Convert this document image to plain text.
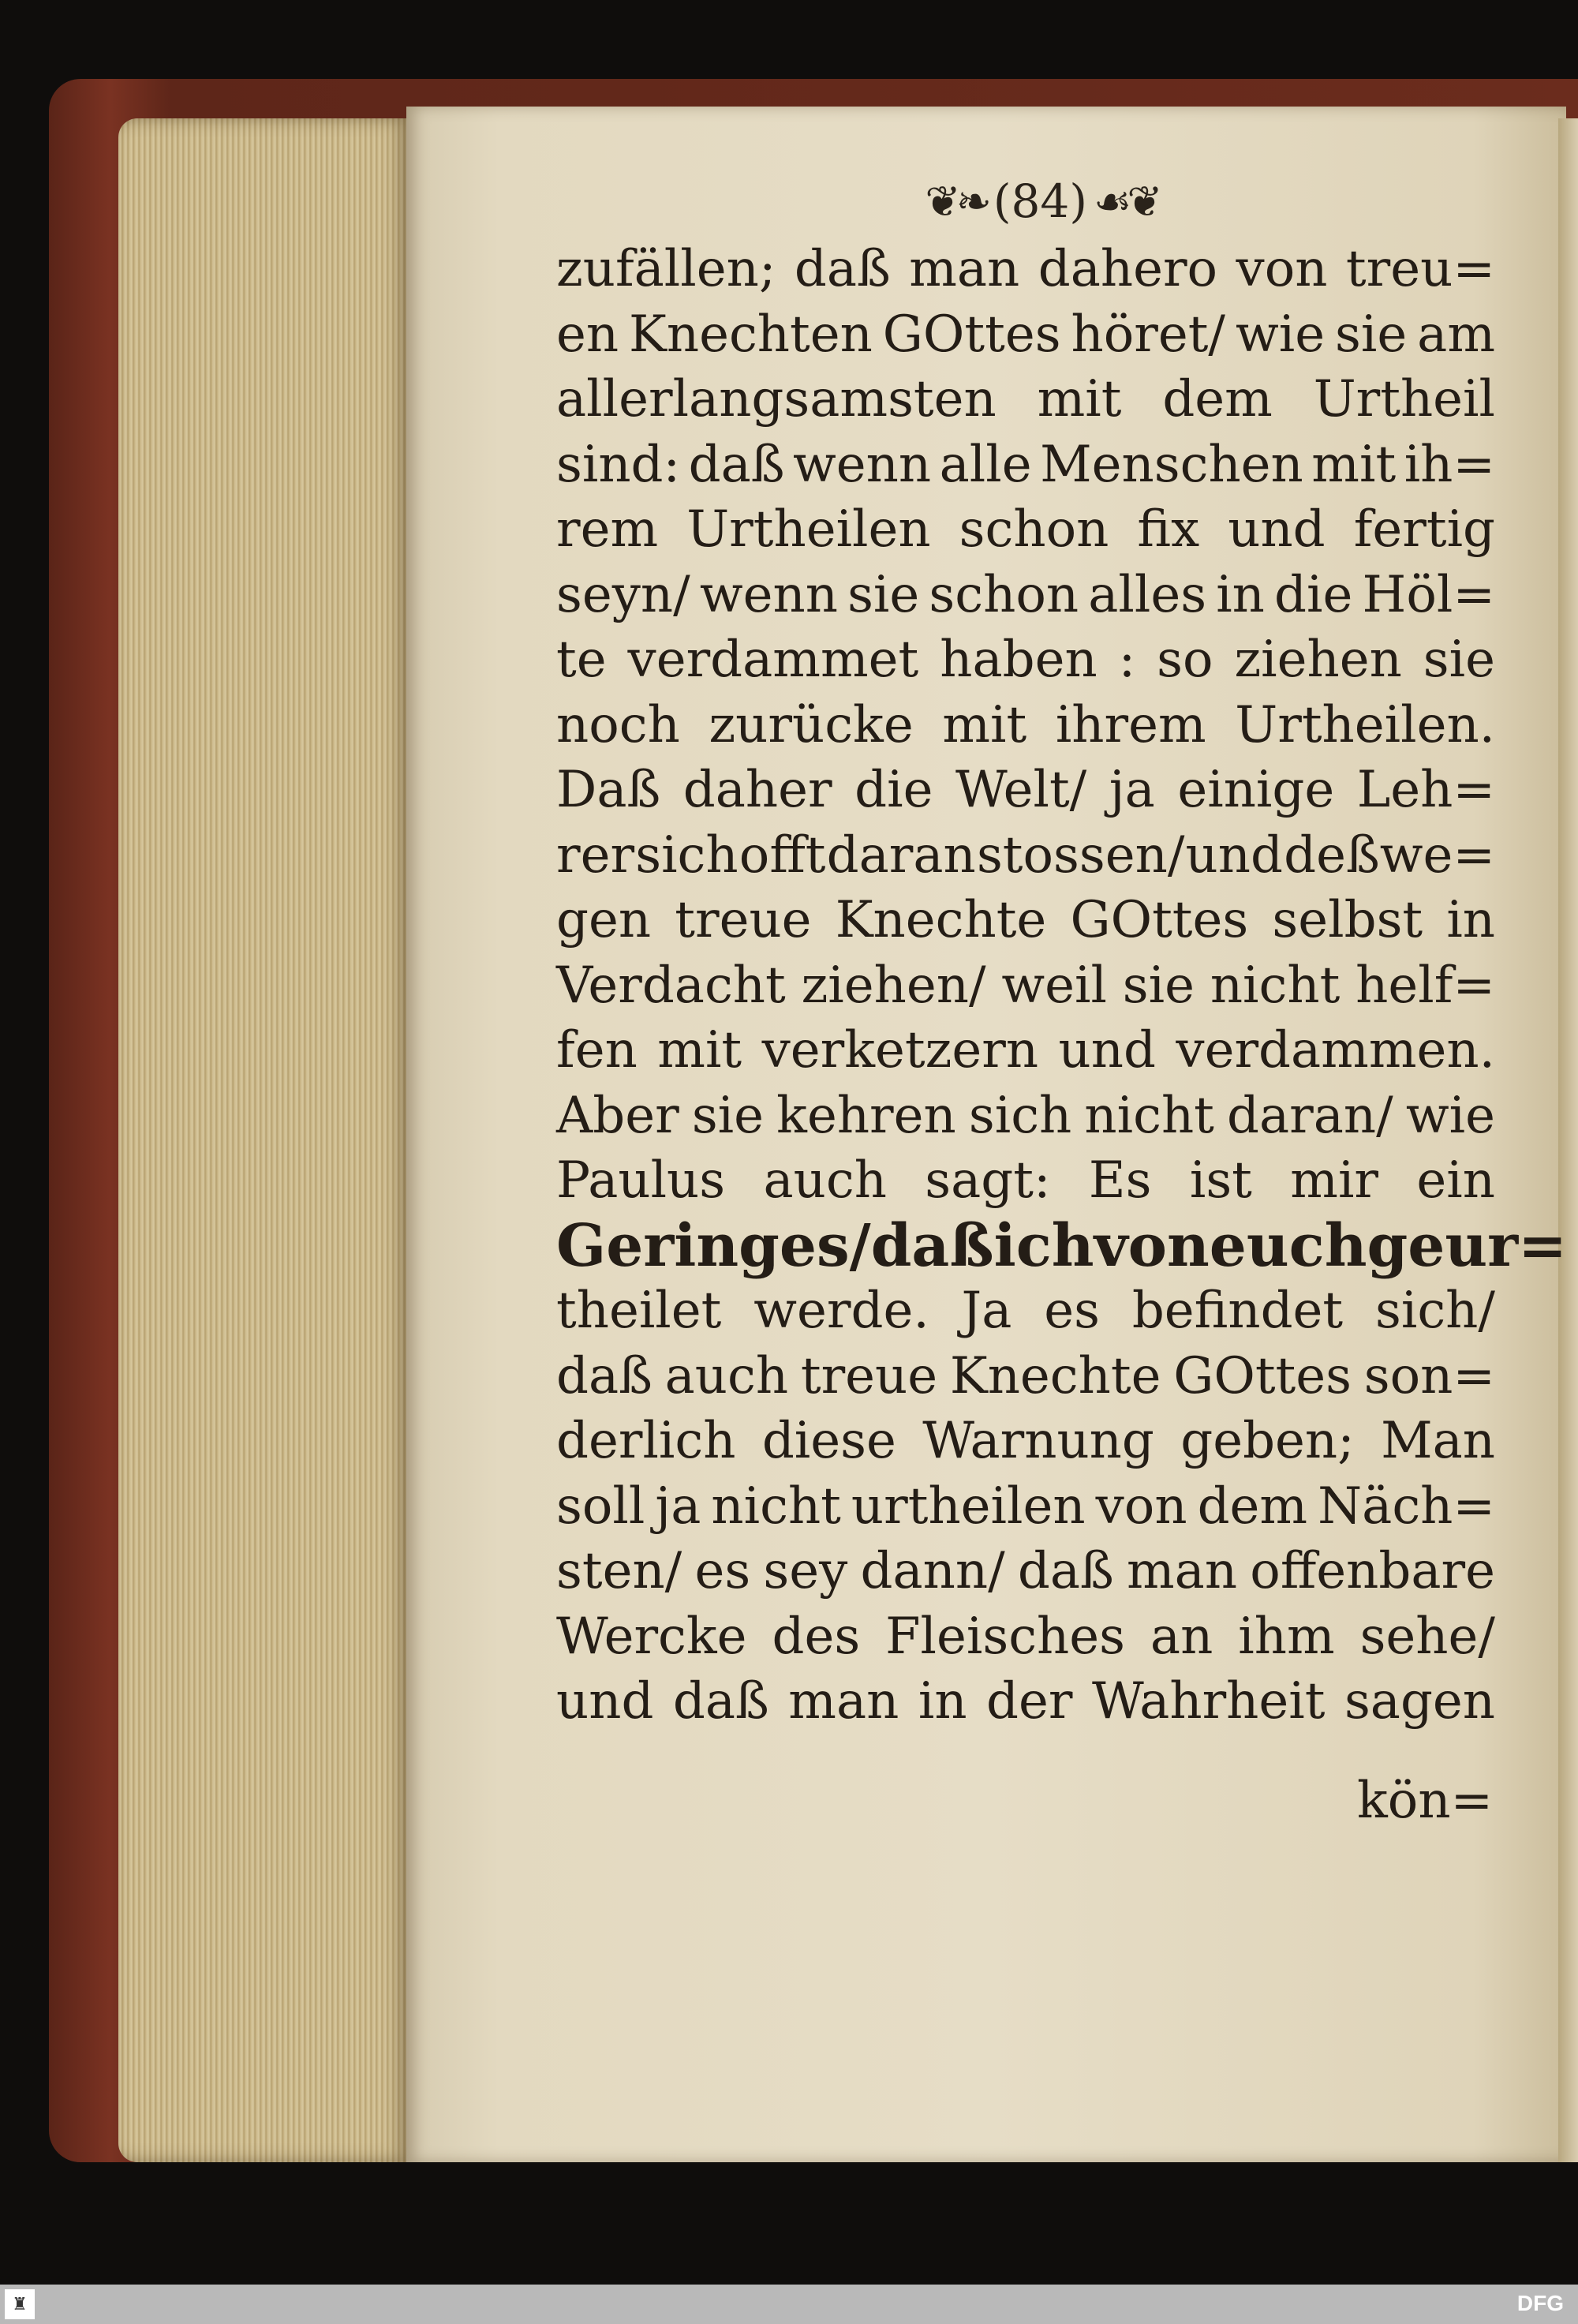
❦❧ (84) ☙❦
zufällen; daß man dahero von treu=
en Knechten GOttes höret/ wie sie am
allerlangsamsten mit dem Urtheil
sind: daß wenn alle Menschen mit ih=
rem Urtheilen schon fix und fertig
seyn/ wenn sie schon alles in die Höl=
te verdammet haben : so ziehen sie
noch zurücke mit ihrem Urtheilen.
Daß daher die Welt/ ja einige Leh=
rer sich offt daran stossen/ und deßwe=
gen treue Knechte GOttes selbst in
Verdacht ziehen/ weil sie nicht helf=
fen mit verketzern und verdammen.
Aber sie kehren sich nicht daran/ wie
Paulus auch sagt: Es ist mir ein
Geringes/daß ich von euch geur=
theilet werde. Ja es befindet sich/
daß auch treue Knechte GOttes son=
derlich diese Warnung geben; Man
soll ja nicht urtheilen von dem Näch=
sten/ es sey dann/ daß man offenbare
Wercke des Fleisches an ihm sehe/
und daß man in der Wahrheit sagen
kön=
♜	DFG
